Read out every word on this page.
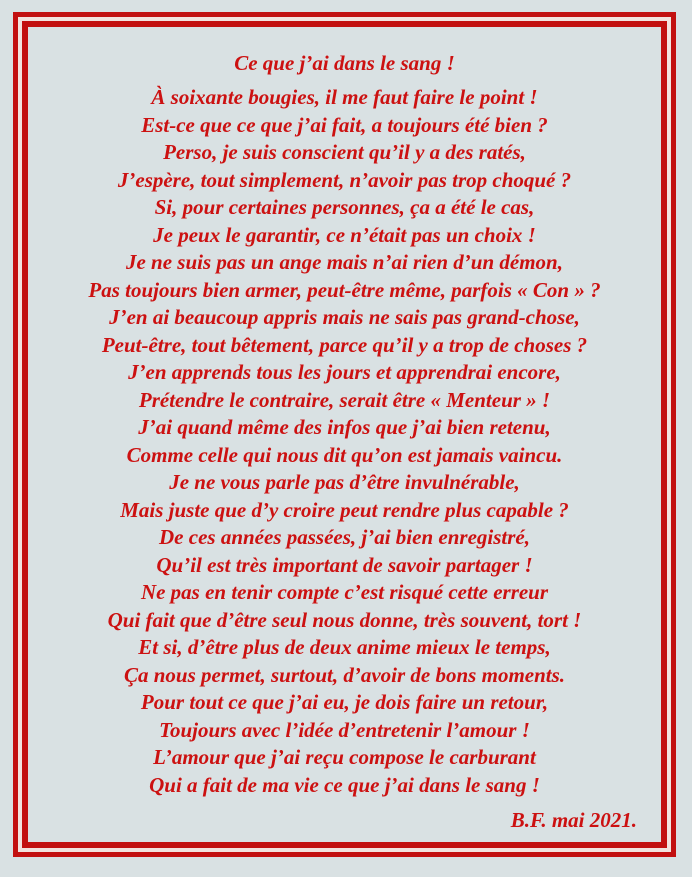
Ce que j’ai dans le sang !
À soixante bougies, il me faut faire le point !
Est-ce que ce que j’ai fait, a toujours été bien ?
Perso, je suis conscient qu’il y a des ratés,
J’espère, tout simplement, n’avoir pas trop choqué ?
Si, pour certaines personnes, ça a été le cas,
Je peux le garantir, ce n’était pas un choix !
Je ne suis pas un ange mais n’ai rien d’un démon,
Pas toujours bien armer, peut-être même, parfois « Con » ?
J’en ai beaucoup appris mais ne sais pas grand-chose,
Peut-être, tout bêtement, parce qu’il y a trop de choses ?
J’en apprends tous les jours et apprendrai encore,
Prétendre le contraire, serait être « Menteur » !
J’ai quand même des infos que j’ai bien retenu,
Comme celle qui nous dit qu’on est jamais vaincu.
Je ne vous parle pas d’être invulnérable,
Mais juste que d’y croire peut rendre plus capable ?
De ces années passées, j’ai bien enregistré,
Qu’il est très important de savoir partager !
Ne pas en tenir compte c’est risqué cette erreur
Qui fait que d’être seul nous donne, très souvent, tort !
Et si, d’être plus de deux anime mieux le temps,
Ça nous permet, surtout, d’avoir de bons moments.
Pour tout ce que j’ai eu, je dois faire un retour,
Toujours avec l’idée d’entretenir l’amour !
L’amour que j’ai reçu compose le carburant
Qui a fait de ma vie ce que j’ai dans le sang !
B.F. mai 2021.
